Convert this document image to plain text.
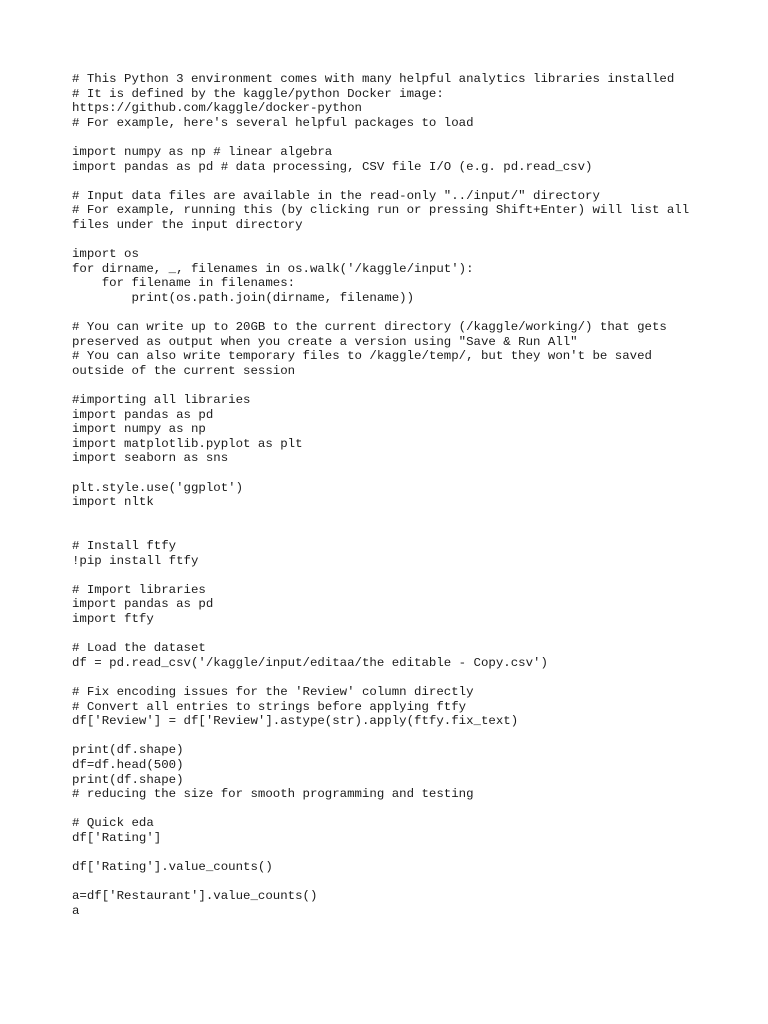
# This Python 3 environment comes with many helpful analytics libraries installed
# It is defined by the kaggle/python Docker image:
https://github.com/kaggle/docker-python
# For example, here's several helpful packages to load
import numpy as np # linear algebra
import pandas as pd # data processing, CSV file I/O (e.g. pd.read_csv)
# Input data files are available in the read-only "../input/" directory
# For example, running this (by clicking run or pressing Shift+Enter) will list all
files under the input directory
import os
for dirname, _, filenames in os.walk('/kaggle/input'):
for filename in filenames:
print(os.path.join(dirname, filename))
# You can write up to 20GB to the current directory (/kaggle/working/) that gets
preserved as output when you create a version using "Save & Run All"
# You can also write temporary files to /kaggle/temp/, but they won't be saved
outside of the current session
#importing all libraries
import pandas as pd
import numpy as np
import matplotlib.pyplot as plt
import seaborn as sns
plt.style.use('ggplot')
import nltk
# Install ftfy
!pip install ftfy
# Import libraries
import pandas as pd
import ftfy
# Load the dataset
df = pd.read_csv('/kaggle/input/editaa/the editable - Copy.csv')
# Fix encoding issues for the 'Review' column directly
# Convert all entries to strings before applying ftfy
df['Review'] = df['Review'].astype(str).apply(ftfy.fix_text)
print(df.shape)
df=df.head(500)
print(df.shape)
# reducing the size for smooth programming and testing
# Quick eda
df['Rating']
df['Rating'].value_counts()
a=df['Restaurant'].value_counts()
a
